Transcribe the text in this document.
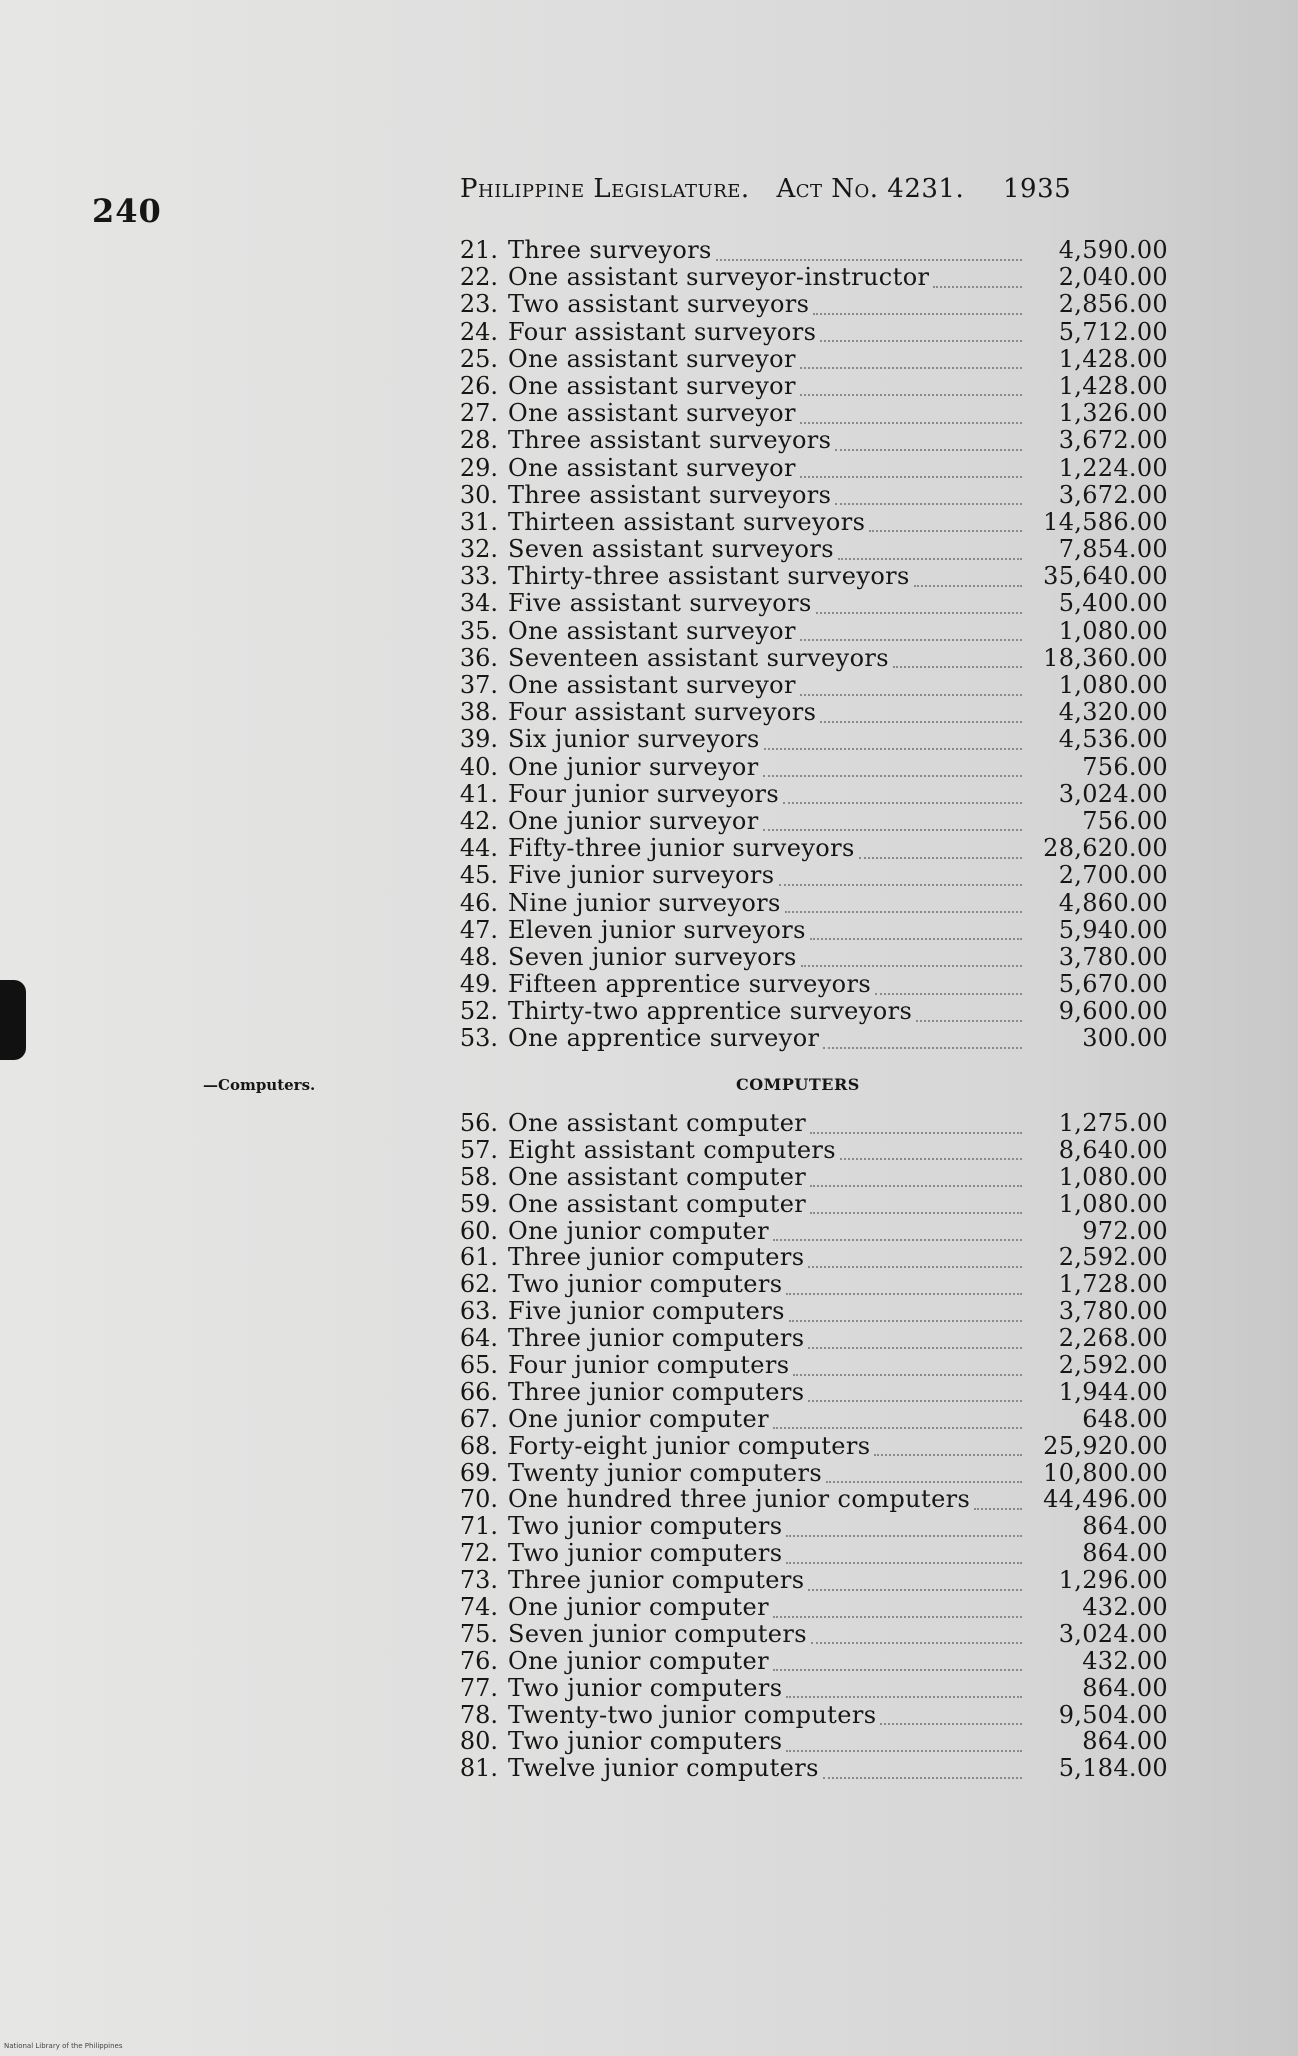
240
Philippine Legislature. Act No. 4231. 1935
21. Three surveyors	4,590.00
22. One assistant surveyor-instructor	2,040.00
23. Two assistant surveyors	2,856.00
24. Four assistant surveyors	5,712.00
25. One assistant surveyor	1,428.00
26. One assistant surveyor	1,428.00
27. One assistant surveyor	1,326.00
28. Three assistant surveyors	3,672.00
29. One assistant surveyor	1,224.00
30. Three assistant surveyors	3,672.00
31. Thirteen assistant surveyors	14,586.00
32. Seven assistant surveyors	7,854.00
33. Thirty-three assistant surveyors	35,640.00
34. Five assistant surveyors	5,400.00
35. One assistant surveyor	1,080.00
36. Seventeen assistant surveyors	18,360.00
37. One assistant surveyor	1,080.00
38. Four assistant surveyors	4,320.00
39. Six junior surveyors	4,536.00
40. One junior surveyor	756.00
41. Four junior surveyors	3,024.00
42. One junior surveyor	756.00
44. Fifty-three junior surveyors	28,620.00
45. Five junior surveyors	2,700.00
46. Nine junior surveyors	4,860.00
47. Eleven junior surveyors	5,940.00
48. Seven junior surveyors	3,780.00
49. Fifteen apprentice surveyors	5,670.00
52. Thirty-two apprentice surveyors	9,600.00
53. One apprentice surveyor	300.00
—Computers.	COMPUTERS
56. One assistant computer	1,275.00
57. Eight assistant computers	8,640.00
58. One assistant computer	1,080.00
59. One assistant computer	1,080.00
60. One junior computer	972.00
61. Three junior computers	2,592.00
62. Two junior computers	1,728.00
63. Five junior computers	3,780.00
64. Three junior computers	2,268.00
65. Four junior computers	2,592.00
66. Three junior computers	1,944.00
67. One junior computer	648.00
68. Forty-eight junior computers	25,920.00
69. Twenty junior computers	10,800.00
70. One hundred three junior computers	44,496.00
71. Two junior computers	864.00
72. Two junior computers	864.00
73. Three junior computers	1,296.00
74. One junior computer	432.00
75. Seven junior computers	3,024.00
76. One junior computer	432.00
77. Two junior computers	864.00
78. Twenty-two junior computers	9,504.00
80. Two junior computers	864.00
81. Twelve junior computers	5,184.00
National Library of the Philippines
